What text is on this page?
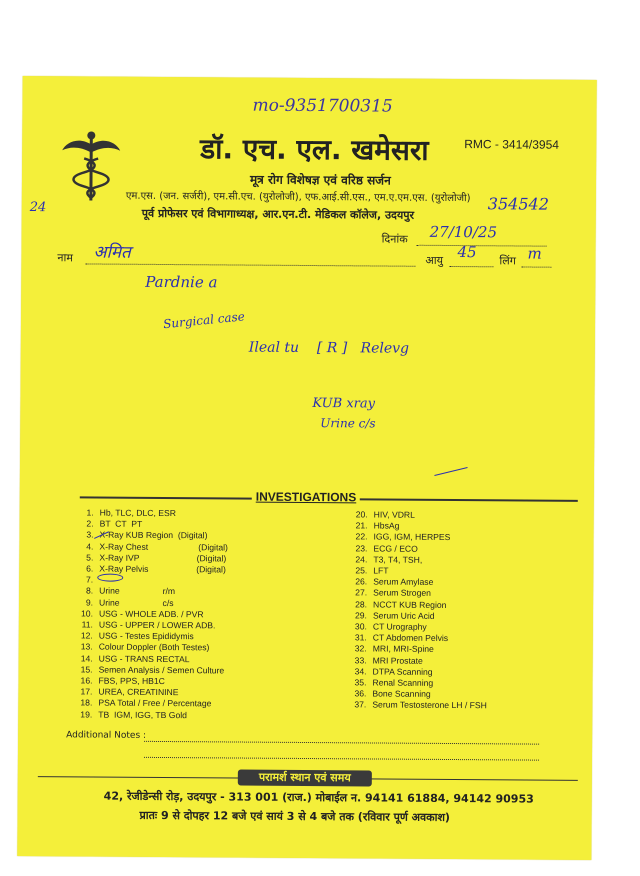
mo-9351700315
डॉ. एच. एल. खमेसरा	RMC - 3414/3954
मूत्र रोग विशेषज्ञ एवं वरिष्ठ सर्जन
एम.एस. (जन. सर्जरी), एम.सी.एच. (युरोलोजी), एफ.आई.सी.एस., एम.ए.एम.एस. (युरोलोजी)
पूर्व प्रोफेसर एवं विभागाध्यक्ष, आर.एन.टी. मेडिकल कॉलेज, उदयपुर
354542
24
दिनांक 27/10/25
नाम अमित	आयु 45 लिंग m
Pardnie a
Surgical case
Ileal tu    [ R ]   Relevg
KUB xray
Urine c/s
INVESTIGATIONS
1. Hb, TLC, DLC, ESR
2. BT  CT  PT
3. X-Ray KUB Region  (Digital)
4. X-Ray Chest                     (Digital)
5. X-Ray IVP                        (Digital)
6. X-Ray Pelvis                    (Digital)
7.
8. Urine                  r/m
9. Urine                  c/s
10. USG - WHOLE ADB. / PVR
11. USG - UPPER / LOWER ADB.
12. USG - Testes Epididymis
13. Colour Doppler (Both Testes)
14. USG - TRANS RECTAL
15. Semen Analysis / Semen Culture
16. FBS, PPS, HB1C
17. UREA, CREATININE
18. PSA Total / Free / Percentage
19. TB  IGM, IGG, TB Gold
20. HIV, VDRL
21. HbsAg
22. IGG, IGM, HERPES
23. ECG / ECO
24. T3, T4, TSH,
25. LFT
26. Serum Amylase
27. Serum Strogen
28. NCCT KUB Region
29. Serum Uric Acid
30. CT Urography
31. CT Abdomen Pelvis
32. MRI, MRI-Spine
33. MRI Prostate
34. DTPA Scanning
35. Renal Scanning
36. Bone Scanning
37. Serum Testosterone LH / FSH
Additional Notes :
परामर्श स्थान एवं समय
42, रेजीडेन्सी रोड़, उदयपुर - 313 001 (राज.) मोबाईल न. 94141 61884, 94142 90953
प्रातः 9 से दोपहर 12 बजे एवं सायं 3 से 4 बजे तक (रविवार पूर्ण अवकाश)
